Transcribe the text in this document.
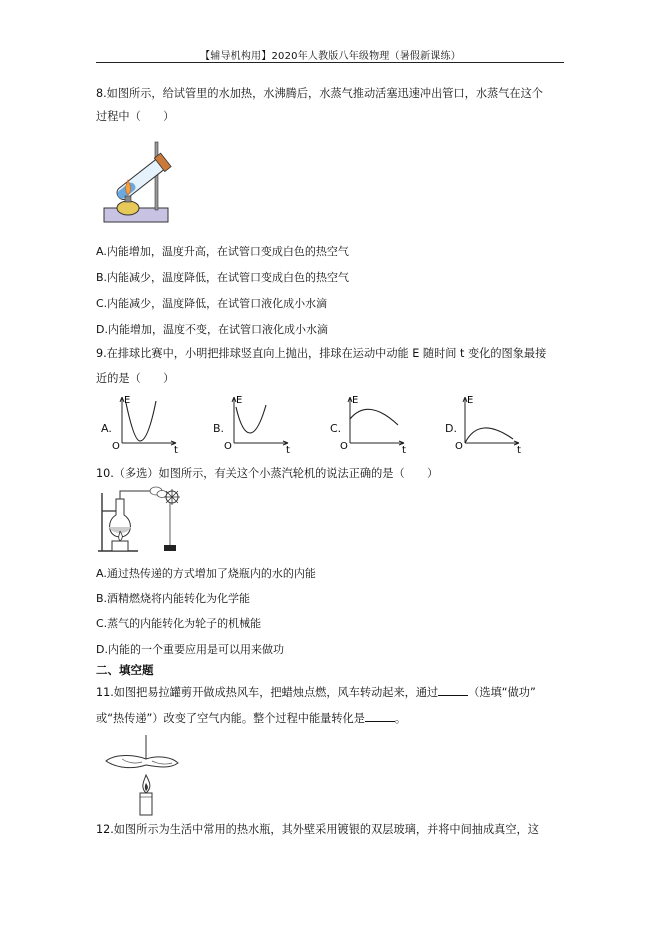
【辅导机构用】2020年人教版八年级物理（暑假新课练）
8.如图所示，给试管里的水加热，水沸腾后，水蒸气推动活塞迅速冲出管口，水蒸气在这个
过程中（　　）
A.内能增加，温度升高，在试管口变成白色的热空气
B.内能减少，温度降低，在试管口变成白色的热空气
C.内能减少，温度降低，在试管口液化成小水滴
D.内能增加，温度不变，在试管口液化成小水滴
9.在排球比赛中，小明把排球竖直向上抛出，排球在运动中动能 E 随时间 t 变化的图象最接
近的是（　　）
A.
E
O	t
B.
E
O	t
C.
E
O	t
D.
E
O	t
10.（多选）如图所示，有关这个小蒸汽轮机的说法正确的是（　　）
A.通过热传递的方式增加了烧瓶内的水的内能
B.酒精燃烧将内能转化为化学能
C.蒸气的内能转化为轮子的机械能
D.内能的一个重要应用是可以用来做功
二、填空题
11.如图把易拉罐剪开做成热风车，把蜡烛点燃，风车转动起来，通过	（选填“做功”
或“热传递”）改变了空气内能。整个过程中能量转化是	。
12.如图所示为生活中常用的热水瓶，其外壁采用镀银的双层玻璃，并将中间抽成真空，这
